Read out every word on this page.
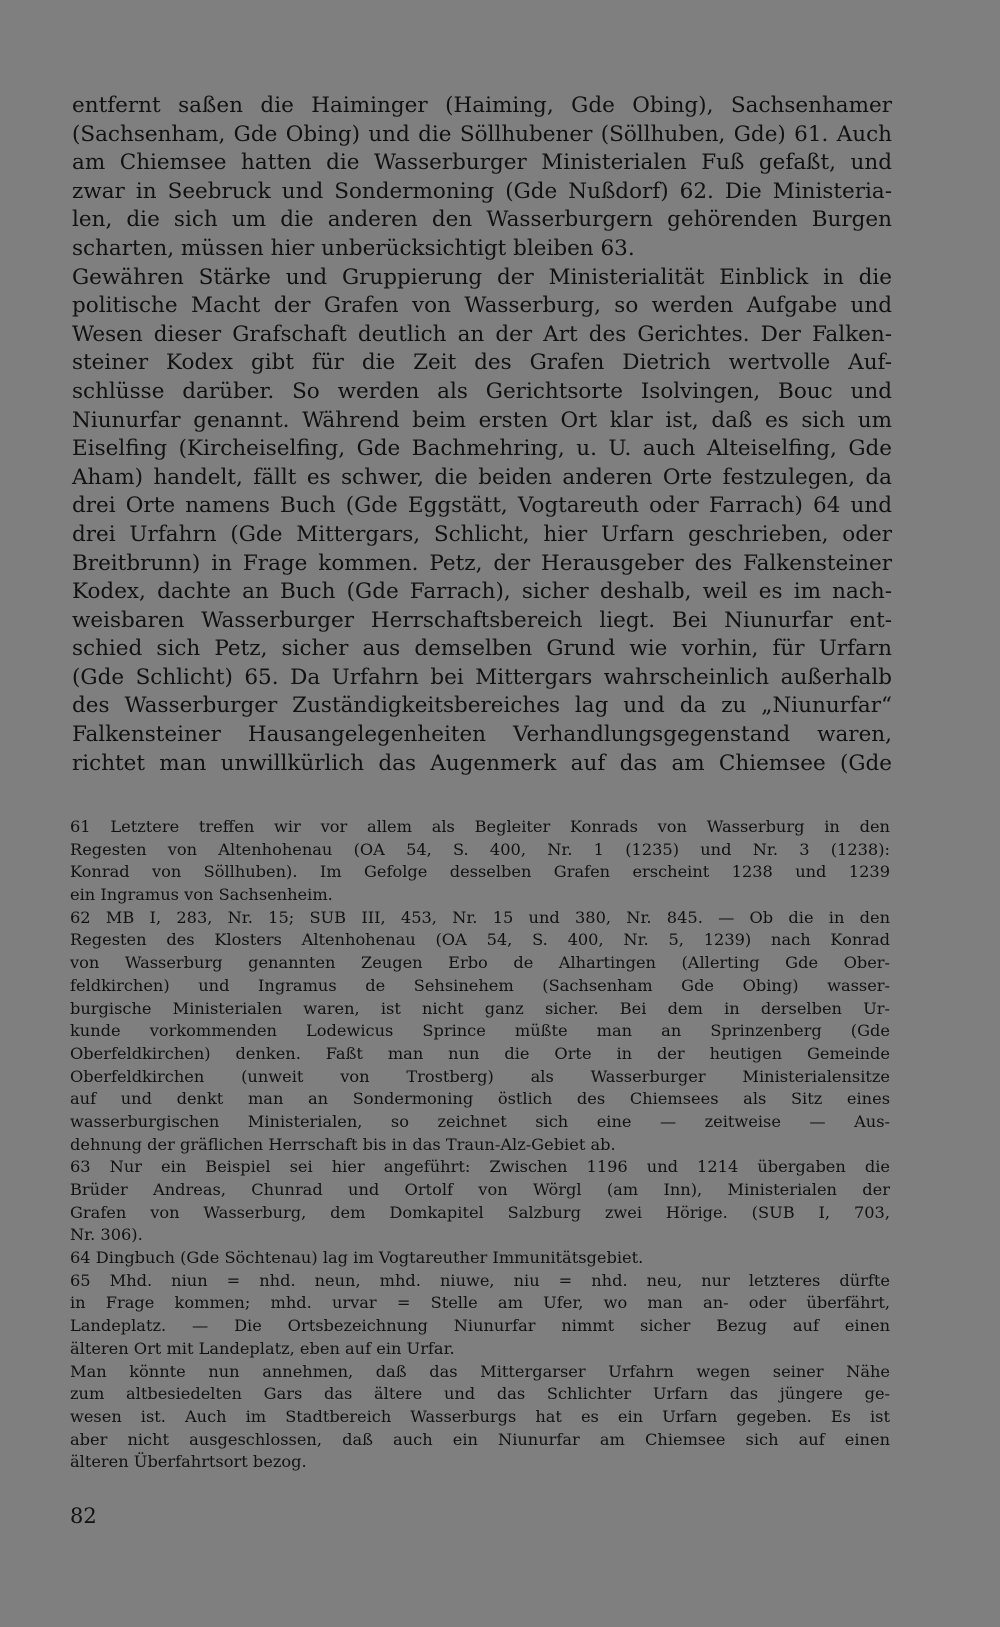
entfernt saßen die Haiminger (Haiming, Gde Obing), Sachsenhamer
(Sachsenham, Gde Obing) und die Söllhubener (Söllhuben, Gde) 61. Auch
am Chiemsee hatten die Wasserburger Ministerialen Fuß gefaßt, und
zwar in Seebruck und Sondermoning (Gde Nußdorf) 62. Die Ministeria-
len, die sich um die anderen den Wasserburgern gehörenden Burgen
scharten, müssen hier unberücksichtigt bleiben 63.
Gewähren Stärke und Gruppierung der Ministerialität Einblick in die
politische Macht der Grafen von Wasserburg, so werden Aufgabe und
Wesen dieser Grafschaft deutlich an der Art des Gerichtes. Der Falken-
steiner Kodex gibt für die Zeit des Grafen Dietrich wertvolle Auf-
schlüsse darüber. So werden als Gerichtsorte Isolvingen, Bouc und
Niunurfar genannt. Während beim ersten Ort klar ist, daß es sich um
Eiselfing (Kircheiselfing, Gde Bachmehring, u. U. auch Alteiselfing, Gde
Aham) handelt, fällt es schwer, die beiden anderen Orte festzulegen, da
drei Orte namens Buch (Gde Eggstätt, Vogtareuth oder Farrach) 64 und
drei Urfahrn (Gde Mittergars, Schlicht, hier Urfarn geschrieben, oder
Breitbrunn) in Frage kommen. Petz, der Herausgeber des Falkensteiner
Kodex, dachte an Buch (Gde Farrach), sicher deshalb, weil es im nach-
weisbaren Wasserburger Herrschaftsbereich liegt. Bei Niunurfar ent-
schied sich Petz, sicher aus demselben Grund wie vorhin, für Urfarn
(Gde Schlicht) 65. Da Urfahrn bei Mittergars wahrscheinlich außerhalb
des Wasserburger Zuständigkeitsbereiches lag und da zu „Niunurfar“
Falkensteiner Hausangelegenheiten Verhandlungsgegenstand waren,
richtet man unwillkürlich das Augenmerk auf das am Chiemsee (Gde
61 Letztere treffen wir vor allem als Begleiter Konrads von Wasserburg in den
Regesten von Altenhohenau (OA 54, S. 400, Nr. 1 (1235) und Nr. 3 (1238):
Konrad von Söllhuben). Im Gefolge desselben Grafen erscheint 1238 und 1239
ein Ingramus von Sachsenheim.
62 MB I, 283, Nr. 15; SUB III, 453, Nr. 15 und 380, Nr. 845. — Ob die in den
Regesten des Klosters Altenhohenau (OA 54, S. 400, Nr. 5, 1239) nach Konrad
von Wasserburg genannten Zeugen Erbo de Alhartingen (Allerting Gde Ober-
feldkirchen) und Ingramus de Sehsinehem (Sachsenham Gde Obing) wasser-
burgische Ministerialen waren, ist nicht ganz sicher. Bei dem in derselben Ur-
kunde vorkommenden Lodewicus Sprince müßte man an Sprinzenberg (Gde
Oberfeldkirchen) denken. Faßt man nun die Orte in der heutigen Gemeinde
Oberfeldkirchen (unweit von Trostberg) als Wasserburger Ministerialensitze
auf und denkt man an Sondermoning östlich des Chiemsees als Sitz eines
wasserburgischen Ministerialen, so zeichnet sich eine — zeitweise — Aus-
dehnung der gräflichen Herrschaft bis in das Traun-Alz-Gebiet ab.
63 Nur ein Beispiel sei hier angeführt: Zwischen 1196 und 1214 übergaben die
Brüder Andreas, Chunrad und Ortolf von Wörgl (am Inn), Ministerialen der
Grafen von Wasserburg, dem Domkapitel Salzburg zwei Hörige. (SUB I, 703,
Nr. 306).
64 Dingbuch (Gde Söchtenau) lag im Vogtareuther Immunitätsgebiet.
65 Mhd. niun = nhd. neun, mhd. niuwe, niu = nhd. neu, nur letzteres dürfte
in Frage kommen; mhd. urvar = Stelle am Ufer, wo man an- oder überfährt,
Landeplatz. — Die Ortsbezeichnung Niunurfar nimmt sicher Bezug auf einen
älteren Ort mit Landeplatz, eben auf ein Urfar.
Man könnte nun annehmen, daß das Mittergarser Urfahrn wegen seiner Nähe
zum altbesiedelten Gars das ältere und das Schlichter Urfarn das jüngere ge-
wesen ist. Auch im Stadtbereich Wasserburgs hat es ein Urfarn gegeben. Es ist
aber nicht ausgeschlossen, daß auch ein Niunurfar am Chiemsee sich auf einen
älteren Überfahrtsort bezog.
82
